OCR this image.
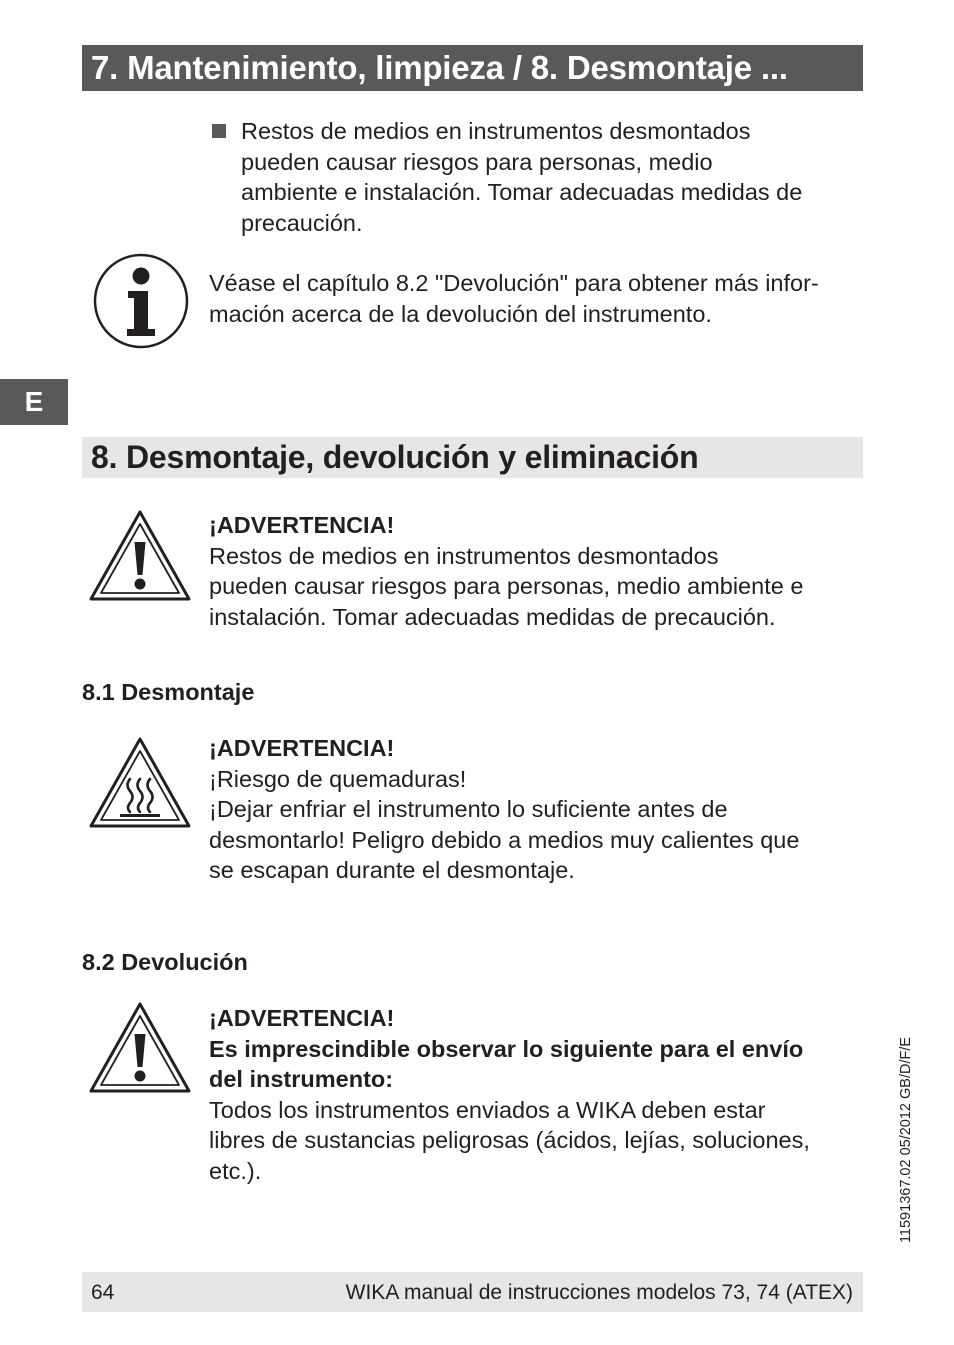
7. Mantenimiento, limpieza / 8. Desmontaje ...

Restos de medios en instrumentos desmontados
pueden causar riesgos para personas, medio
ambiente e instalación. Tomar adecuadas medidas de
precaución.

Véase el capítulo 8.2 "Devolución" para obtener más infor-
mación acerca de la devolución del instrumento.

E
8. Desmontaje, devolución y eliminación

¡ADVERTENCIA!
Restos de medios en instrumentos desmontados
pueden causar riesgos para personas, medio ambiente e
instalación. Tomar adecuadas medidas de precaución.

8.1 Desmontaje

¡ADVERTENCIA!
¡Riesgo de quemaduras!
¡Dejar enfriar el instrumento lo suficiente antes de
desmontarlo! Peligro debido a medios muy calientes que
se escapan durante el desmontaje.

8.2 Devolución

¡ADVERTENCIA!
Es imprescindible observar lo siguiente para el envío
del instrumento:
Todos los instrumentos enviados a WIKA deben estar
libres de sustancias peligrosas (ácidos, lejías, soluciones,
etc.).	11591367.02 05/2012 GB/D/F/E
64	WIKA manual de instrucciones modelos 73, 74 (ATEX)
